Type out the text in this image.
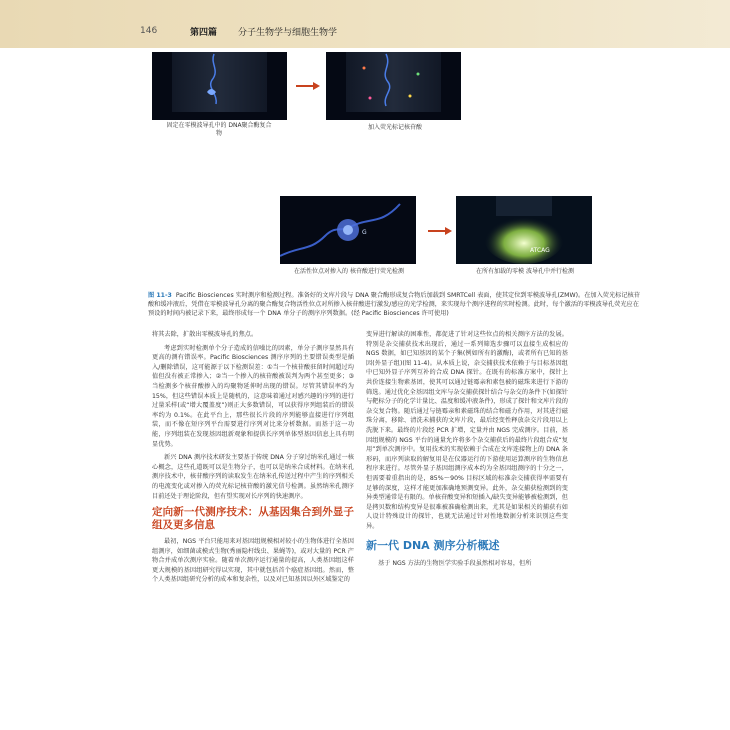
146	第四篇 分子生物学与细胞生物学
固定在零模波导孔中的 DNA聚合酶复合物
加入荧光标记核苷酸
G
在活性位点对掺入的 核苷酸进行荧光检测
ATCAG
在所有加载的零模 波导孔中并行检测
图 11-3 Pacific Biosciences 实时测序和检测过程。准备好的文库片段与 DNA 聚合酶形成复合物后加载到 SMRTCell 表面，使其定位到零模波导孔(ZMW)。在加入荧光标记核苷酸和缓冲液后，凭借在零模波导孔分离的聚合酶复合物活性位点对所掺入核苷酸进行激发/感应的光学检测，来实现每个测序进程的实时检测。此时，每个激活的零模波导孔荧光应在预设的时间内被记录下来，最终形成每一个 DNA 单分子的测序序列数据。(经 Pacific Biosciences 许可使用)

将其去除，扩散出零模波导孔的焦点。

考虑到实时检测单个分子造成的信噪比的因素，单分子测序显然具有更高的测有错误率。Pacific Biosciences 测序序列的主要错误类型是插入/删除错误，这可能源于以下检测误差：①当一个核苷酸驻留时间超过均值但没有被正常掺入；②当一个掺入的核苷酸被误判为两个甚至更多；③当检测多个核苷酸掺入的均聚物延伸时出现的错误。尽管其错误率约为 15%，但这些错误本质上是随机的，这意味着通过对感兴趣的序列的进行过量采样(或“增大覆盖度”)则正大多数错误，可以获得序列组装后的错误率约为 0.1%。在此平台上，那些很长片段的序列能够直接进行序列组装，而不像在短序列平台需要进行序列对比来分析数据。而基于这一功能，序列组装在发现基因组新观象和提供长序列单体型基因信息上具有明显优势。

新兴 DNA 测序技术研发主要基于传统 DNA 分子穿过纳米孔通过一核心概念，这些孔道既可以是生物分子，也可以是纳米合成材料。在纳米孔测序技术中，核苷酸序列的读取发生在纳米孔传送过程中产生的序列相关的电流变化或对掺入的荧光标记核苷酸的激光信号检测。虽然纳米孔测序目前还处于理论阶段，但有望实现对长序列的快速测序。

定向新一代测序技术：从基因集合到外显子组及更多信息

最初，NGS 平台只能用来对基因组规模相对较小的生物体进行全基因组测序，如细菌或模式生物(秀丽隐杆线虫、果蝇等)，或对大量的 PCR 产物合并成单次测序实验。随着单次测序运行通量的提高，人类基因组这样更大规模的基因组研究得以实现，其中就包括首个癌症基因组。然而，整个人类基因组研究分析的成本和复杂性，以及对已知基因以外区域鉴定的

变异进行解读的困难性，都促进了针对这些位点的相关测序方法的发展。特别是杂交捕获技术出现后，通过一系列筛选步骤可以直接生成相应的 NGS 数据，如已知基因的某个子集(例如所有的激酶)，或者所有已知的基因(外显子组)(图 11-4)。从本质上说，杂交捕获技术依赖于与目标基因组中已知外显子序列互补的合成 DNA 探针。在既有的标准方案中，探针上共价连接生物素基团，使其可以通过链霉亲和素包被的磁珠来进行下游的筛选。通过优化全基因组文库与杂交捕获探针结合与杂交的条件下(如探针与靶标分子的化学计量比、温度和缓冲液条件)，形成了探针和文库片段的杂交复合物。随后通过与链霉亲和素磁珠的结合和磁力作用，对其进行磁珠分离，移除、清洗未捕获的文库片段，最后经变性释放杂交片段用以上洗脱下来。最终的片段经 PCR 扩增，定量并由 NGS 完成测序。目前，基因组规模的 NGS 平台的通量允许将多个杂交捕获后的最终片段组合成“复用”到单次测序中。复用技术的实现依赖于合成在文库连接物上的 DNA 条形码，而序列读取的解复用是在仪器运行的下游使用运算测序的生物信息程序来进行。尽管外显子基因组测序成本约为全基因组测序的十分之一，但需要着重指出的是，85%～90% 目标区域的标准杂交捕获得率需要有足够的深度，这样才能更加准确地预测变异。此外，杂交捕获检测到的变异类型通常是有限的。单核苷酸变异和短插入/缺失变异能够被检测到，但是拷贝数和结构变异是很难被准确检测出来，尤其是如果相关的捕获有如人设计特殊设计的探针，也就无法通过针对性地数据分析来识别这些变异。

新一代 DNA 测序分析概述

基于 NGS 方法的生物医学实验手段虽然相对容易，但所
